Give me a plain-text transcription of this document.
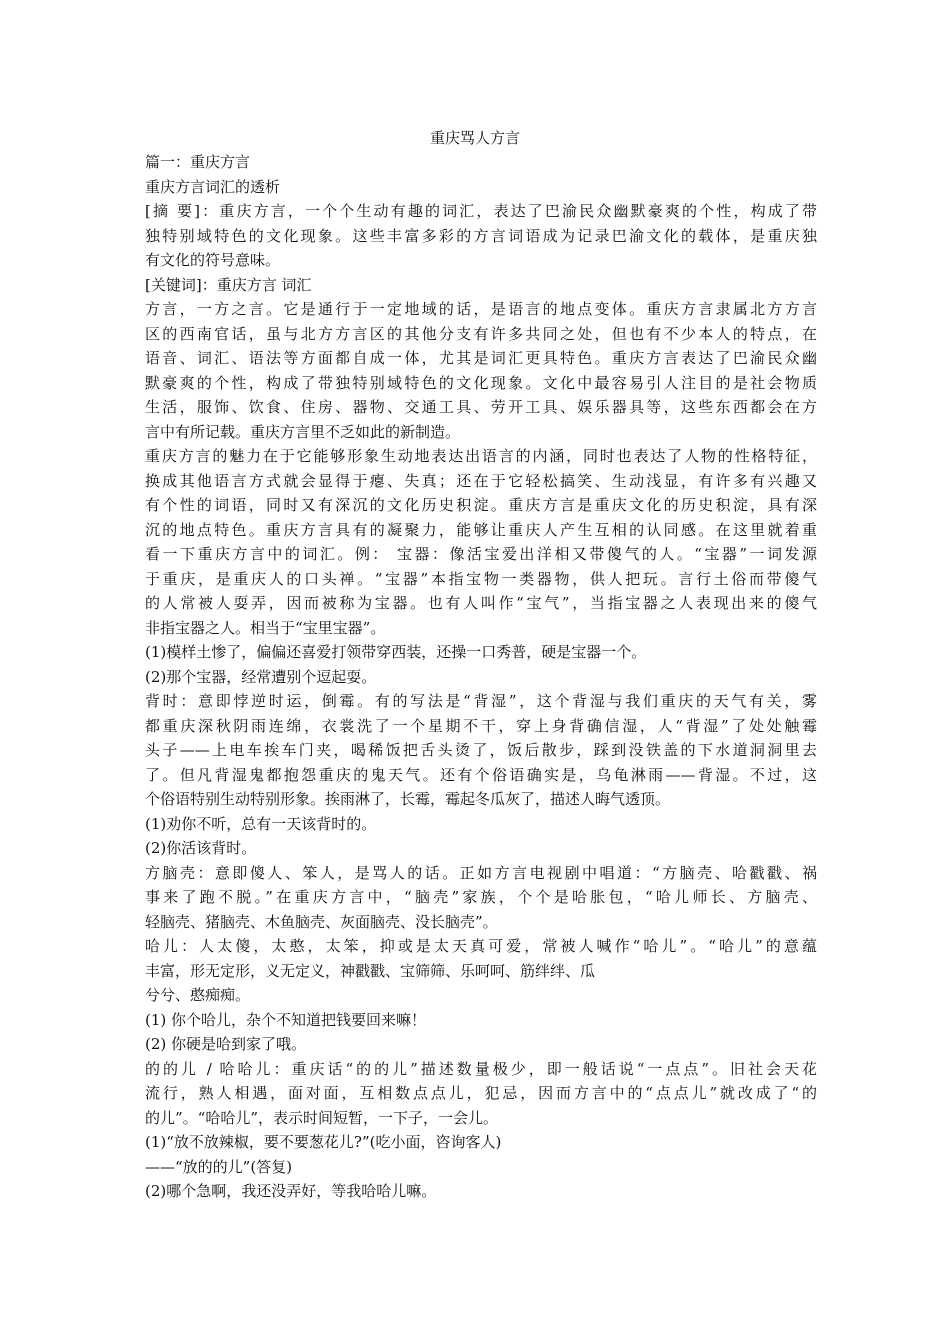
重庆骂人方言
篇一：重庆方言
重庆方言词汇的透析
[摘 要]：重庆方言，一个个生动有趣的词汇，表达了巴渝民众幽默豪爽的个性，构成了带
独特别域特色的文化现象。这些丰富多彩的方言词语成为记录巴渝文化的载体，是重庆独
有文化的符号意味。
[关键词]：重庆方言 词汇
方言，一方之言。它是通行于一定地域的话，是语言的地点变体。重庆方言隶属北方方言
区的西南官话，虽与北方方言区的其他分支有许多共同之处，但也有不少本人的特点，在
语音、词汇、语法等方面都自成一体，尤其是词汇更具特色。重庆方言表达了巴渝民众幽
默豪爽的个性，构成了带独特别域特色的文化现象。文化中最容易引人注目的是社会物质
生活，服饰、饮食、住房、器物、交通工具、劳开工具、娱乐器具等，这些东西都会在方
言中有所记载。重庆方言里不乏如此的新制造。
重庆方言的魅力在于它能够形象生动地表达出语言的内涵，同时也表达了人物的性格特征，
换成其他语言方式就会显得于瘪、失真；还在于它轻松搞笑、生动浅显，有许多有兴趣又
有个性的词语，同时又有深沉的文化历史积淀。重庆方言是重庆文化的历史积淀，具有深
沉的地点特色。重庆方言具有的凝聚力，能够让重庆人产生互相的认同感。在这里就着重
看一下重庆方言中的词汇。例： 宝器：像活宝爱出洋相又带傻气的人。“宝器”一词发源
于重庆，是重庆人的口头禅。“宝器”本指宝物一类器物，供人把玩。言行土俗而带傻气
的人常被人耍弄，因而被称为宝器。也有人叫作“宝气”，当指宝器之人表现出来的傻气
非指宝器之人。相当于“宝里宝器”。
(1)模样土惨了，偏偏还喜爱打领带穿西装，还操一口秀普，硬是宝器一个。
(2)那个宝器，经常遭别个逗起耍。
背时：意即悖逆时运，倒霉。有的写法是“背湿”，这个背湿与我们重庆的天气有关，雾
都重庆深秋阴雨连绵，衣裳洗了一个星期不干，穿上身背确信湿，人“背湿”了处处触霉
头子——上电车挨车门夹，喝稀饭把舌头烫了，饭后散步，踩到没铁盖的下水道洞洞里去
了。但凡背湿鬼都抱怨重庆的鬼天气。还有个俗语确实是，乌龟淋雨——背湿。不过，这
个俗语特别生动特别形象。挨雨淋了，长霉，霉起冬瓜灰了，描述人晦气透顶。
(1)劝你不听，总有一天该背时的。
(2)你活该背时。
方脑壳：意即傻人、笨人，是骂人的话。正如方言电视剧中唱道：“方脑壳、哈戳戳、祸
事来了跑不脱。”在重庆方言中，“脑壳”家族，个个是哈胀包，“哈儿师长、方脑壳、
轻脑壳、猪脑壳、木鱼脑壳、灰面脑壳、没长脑壳”。
哈儿：人太傻，太憨，太笨，抑或是太天真可爱，常被人喊作“哈儿”。“哈儿”的意蕴
丰富，形无定形，义无定义，神戳戳、宝筛筛、乐呵呵、筋绊绊、瓜
兮兮、憨痴痴。
(1) 你个哈儿，杂个不知道把钱要回来嘛！
(2) 你硬是哈到家了哦。
的的儿 / 哈哈儿：重庆话“的的儿”描述数量极少，即一般话说“一点点”。旧社会天花
流行，熟人相遇，面对面，互相数点点儿，犯忌，因而方言中的“点点儿”就改成了“的
的儿”。“哈哈儿”，表示时间短暂，一下子，一会儿。
(1)“放不放辣椒，要不要葱花儿?”(吃小面，咨询客人)
——“放的的儿”(答复)
(2)哪个急啊，我还没弄好，等我哈哈儿嘛。
